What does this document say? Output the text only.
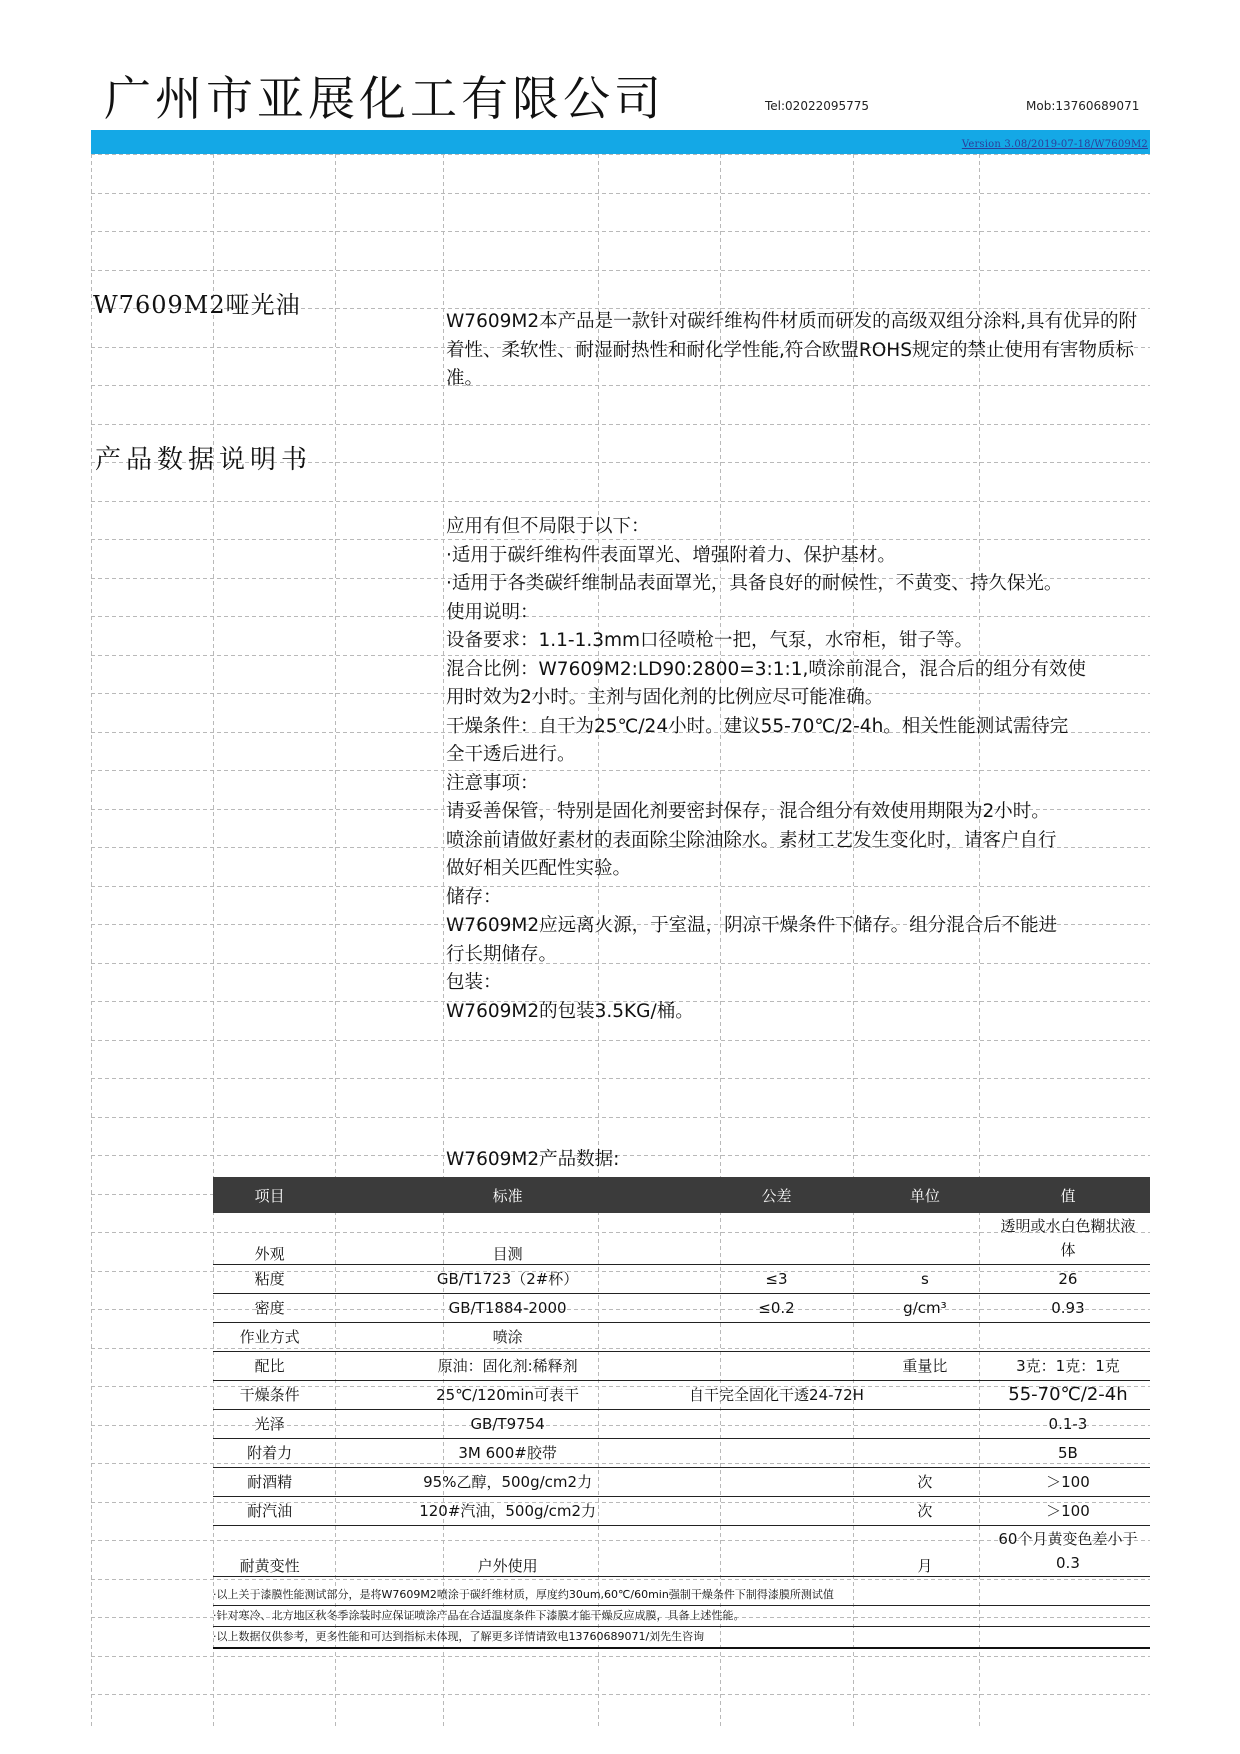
广州市亚展化工有限公司	Tel:02022095775	Mob:13760689071
Version 3.08/2019-07-18/W7609M2
W7609M2哑光油
产品数据说明书
W7609M2本产品是一款针对碳纤维构件材质而研发的高级双组分涂料,具有优异的附着性、柔软性、耐湿耐热性和耐化学性能,符合欧盟ROHS规定的禁止使用有害物质标准。
应用有但不局限于以下：
·适用于碳纤维构件表面罩光、增强附着力、保护基材。
·适用于各类碳纤维制品表面罩光，具备良好的耐候性，不黄变、持久保光。
使用说明：
设备要求：1.1-1.3mm口径喷枪一把，气泵，水帘柜，钳子等。
混合比例：W7609M2:LD90:2800=3:1:1,喷涂前混合，混合后的组分有效使
用时效为2小时。主剂与固化剂的比例应尽可能准确。
干燥条件：自干为25℃/24小时。建议55-70℃/2-4h。相关性能测试需待完
全干透后进行。
注意事项：
请妥善保管，特别是固化剂要密封保存，混合组分有效使用期限为2小时。
喷涂前请做好素材的表面除尘除油除水。素材工艺发生变化时，请客户自行
做好相关匹配性实验。
储存：
W7609M2应远离火源，于室温，阴凉干燥条件下储存。组分混合后不能进
行长期储存。
包装：
W7609M2的包装3.5KG/桶。
W7609M2产品数据:
项目	标准	公差	单位	值
外观	目测			透明或水白色糊状液体
粘度	GB/T1723（2#杯）	≤3	s	26
密度	GB/T1884-2000	≤0.2	g/cm³	0.93
作业方式	喷涂			
配比	原油：固化剂:稀释剂		重量比	3克：1克：1克
干燥条件	25℃/120min可表干	自干完全固化干透24-72H		55-70℃/2-4h
光泽	GB/T9754			0.1-3
附着力	3M 600#胶带			5B
耐酒精	95%乙醇，500g/cm2力		次	＞100
耐汽油	120#汽油，500g/cm2力		次	＞100
耐黄变性	户外使用		月	60个月黄变色差小于0.3
·以上关于漆膜性能测试部分，是将W7609M2喷涂于碳纤维材质，厚度约30um,60℃/60min强制干燥条件下制得漆膜所测试值
·针对寒冷、北方地区秋冬季涂装时应保证喷涂产品在合适温度条件下漆膜才能干燥反应成膜，具备上述性能。
·以上数据仅供参考，更多性能和可达到指标未体现，了解更多详情请致电13760689071/刘先生咨询
